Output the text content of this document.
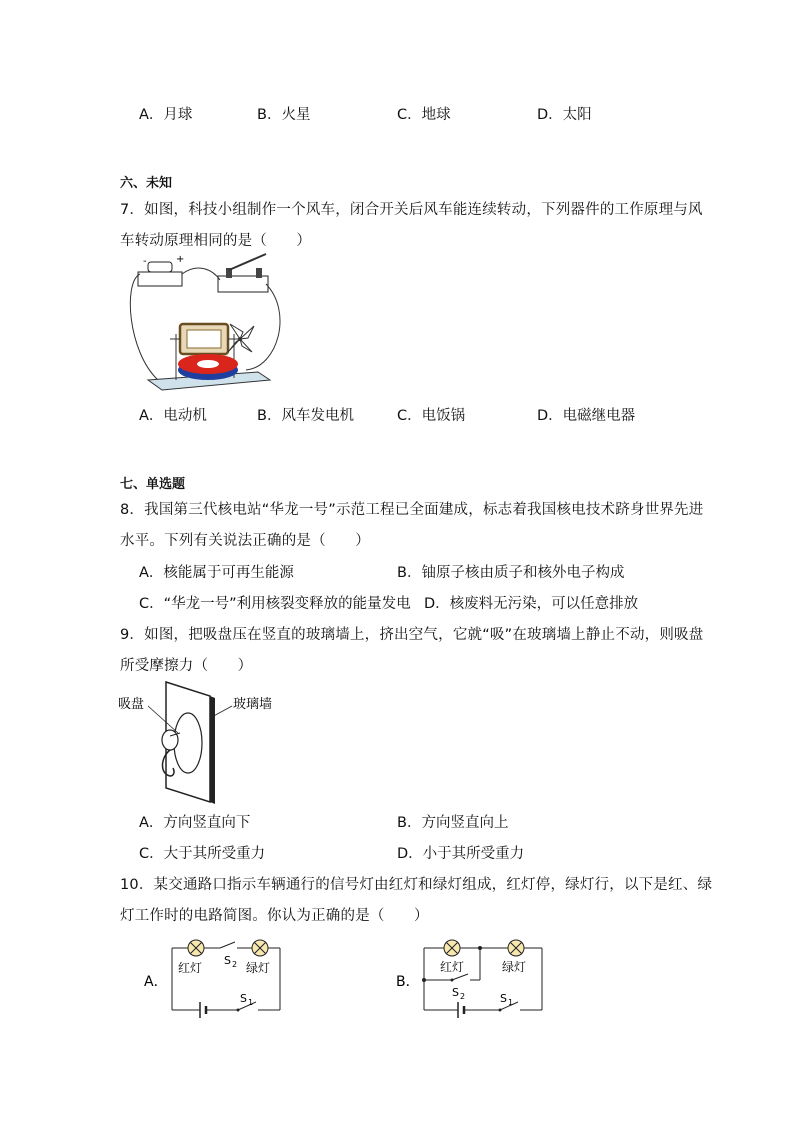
A．月球	B．火星	C．地球	D．太阳
六、未知
7．如图，科技小组制作一个风车，闭合开关后风车能连续转动，下列器件的工作原理与风
车转动原理相同的是（　　）
-	+
A．电动机	B．风车发电机	C．电饭锅	D．电磁继电器
七、单选题
8．我国第三代核电站“华龙一号”示范工程已全面建成，标志着我国核电技术跻身世界先进
水平。下列有关说法正确的是（　　）
A．核能属于可再生能源	B．铀原子核由质子和核外电子构成
C．“华龙一号”利用核裂变释放的能量发电 D．核废料无污染，可以任意排放
9．如图，把吸盘压在竖直的玻璃墙上，挤出空气，它就“吸”在玻璃墙上静止不动，则吸盘
所受摩擦力（　　）
吸盘	玻璃墙
A．方向竖直向下	B．方向竖直向上
C．大于其所受重力	D．小于其所受重力
10．某交通路口指示车辆通行的信号灯由红灯和绿灯组成，红灯停，绿灯行，以下是红、绿
灯工作时的电路简图。你认为正确的是（　　）
A．
红灯	绿灯
S 2
S 1
B．
红灯	绿灯
S 2	S 1
